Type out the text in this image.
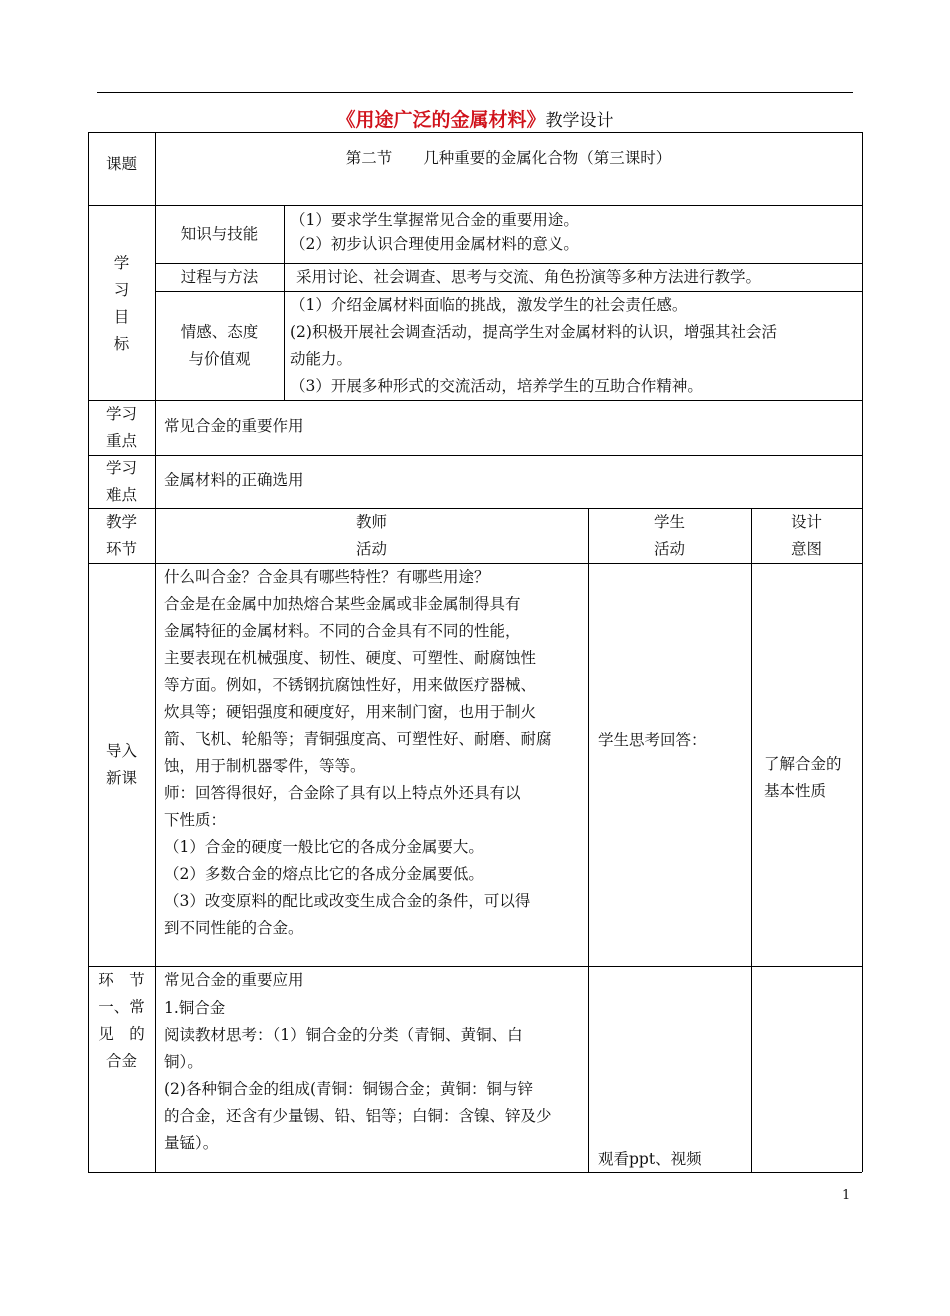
《用途广泛的金属材料》教学设计
课题	第二节　　几种重要的金属化合物（第三课时）
学
习
目
标
知识与技能
（1）要求学生掌握常见合金的重要用途。
（2）初步认识合理使用金属材料的意义。
过程与方法	采用讨论、社会调查、思考与交流、角色扮演等多种方法进行教学。
情感、态度
与价值观
（1）介绍金属材料面临的挑战，激发学生的社会责任感。
(2)积极开展社会调查活动，提高学生对金属材料的认识，增强其社会活
动能力。
（3）开展多种形式的交流活动，培养学生的互助合作精神。
学习
重点
常见合金的重要作用
学习
难点
金属材料的正确选用
教学
环节
教师
活动
学生
活动
设计
意图
导入
新课
什么叫合金？合金具有哪些特性？有哪些用途？
合金是在金属中加热熔合某些金属或非金属制得具有
金属特征的金属材料。不同的合金具有不同的性能，
主要表现在机械强度、韧性、硬度、可塑性、耐腐蚀性
等方面。例如，不锈钢抗腐蚀性好，用来做医疗器械、
炊具等；硬铝强度和硬度好，用来制门窗，也用于制火
箭、飞机、轮船等；青铜强度高、可塑性好、耐磨、耐腐
蚀，用于制机器零件，等等。
师：回答得很好，合金除了具有以上特点外还具有以
下性质：
（1）合金的硬度一般比它的各成分金属要大。
（2）多数合金的熔点比它的各成分金属要低。
（3）改变原料的配比或改变生成合金的条件，可以得
到不同性能的合金。
学生思考回答：
了解合金的
基本性质
环　节
一、常
见　的
合金
常见合金的重要应用
1.铜合金
阅读教材思考：（1）铜合金的分类（青铜、黄铜、白
铜）。
(2)各种铜合金的组成(青铜：铜锡合金；黄铜：铜与锌
的合金，还含有少量锡、铅、铝等；白铜：含镍、锌及少
量锰）。
观看ppt、视频
1
